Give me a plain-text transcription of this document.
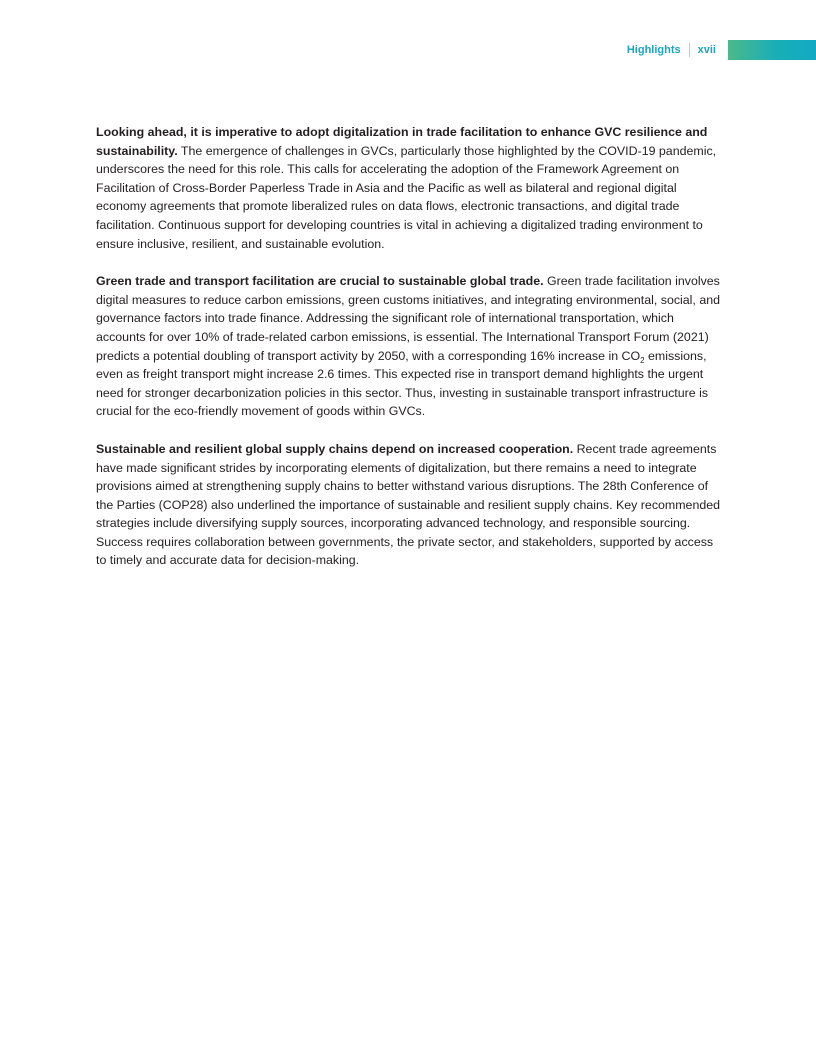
Highlights xvii

Looking ahead, it is imperative to adopt digitalization in trade facilitation to enhance GVC resilience and sustainability. The emergence of challenges in GVCs, particularly those highlighted by the COVID-19 pandemic, underscores the need for this role. This calls for accelerating the adoption of the Framework Agreement on Facilitation of Cross-Border Paperless Trade in Asia and the Pacific as well as bilateral and regional digital economy agreements that promote liberalized rules on data flows, electronic transactions, and digital trade facilitation. Continuous support for developing countries is vital in achieving a digitalized trading environment to ensure inclusive, resilient, and sustainable evolution.

Green trade and transport facilitation are crucial to sustainable global trade. Green trade facilitation involves digital measures to reduce carbon emissions, green customs initiatives, and integrating environmental, social, and governance factors into trade finance. Addressing the significant role of international transportation, which accounts for over 10% of trade-related carbon emissions, is essential. The International Transport Forum (2021) predicts a potential doubling of transport activity by 2050, with a corresponding 16% increase in $CO_2$ emissions, even as freight transport might increase 2.6 times. This expected rise in transport demand highlights the urgent need for stronger decarbonization policies in this sector. Thus, investing in sustainable transport infrastructure is crucial for the eco-friendly movement of goods within GVCs.

Sustainable and resilient global supply chains depend on increased cooperation. Recent trade agreements have made significant strides by incorporating elements of digitalization, but there remains a need to integrate provisions aimed at strengthening supply chains to better withstand various disruptions. The 28th Conference of the Parties (COP28) also underlined the importance of sustainable and resilient supply chains. Key recommended strategies include diversifying supply sources, incorporating advanced technology, and responsible sourcing. Success requires collaboration between governments, the private sector, and stakeholders, supported by access to timely and accurate data for decision-making.
